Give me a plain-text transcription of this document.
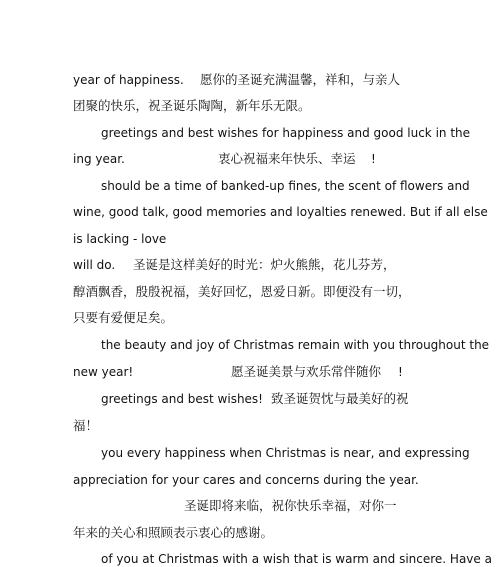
year of happiness. 愿你的圣诞充满温馨，祥和，与亲人
团聚的快乐，祝圣诞乐陶陶，新年乐无限。
greetings and best wishes for happiness and good luck in the
ing year.	衷心祝福来年快乐、幸运 !
should be a time of banked-up fines, the scent of flowers and
wine, good talk, good memories and loyalties renewed. But if all else
is lacking - love
will do. 圣诞是这样美好的时光：炉火熊熊，花儿芬芳，
醇酒飘香，殷殷祝福，美好回忆，恩爱日新。即便没有一切，
只要有爱便足矣。
the beauty and joy of Christmas remain with you throughout the
new year!	愿圣诞美景与欢乐常伴随你 !
greetings and best wishes! 致圣诞贺忱与最美好的祝
福！
you every happiness when Christmas is near, and expressing
appreciation for your cares and concerns during the year.
圣诞即将来临，祝你快乐幸福，对你一
年来的关心和照顾表示衷心的感谢。
of you at Christmas with a wish that is warm and sincere. Have a
